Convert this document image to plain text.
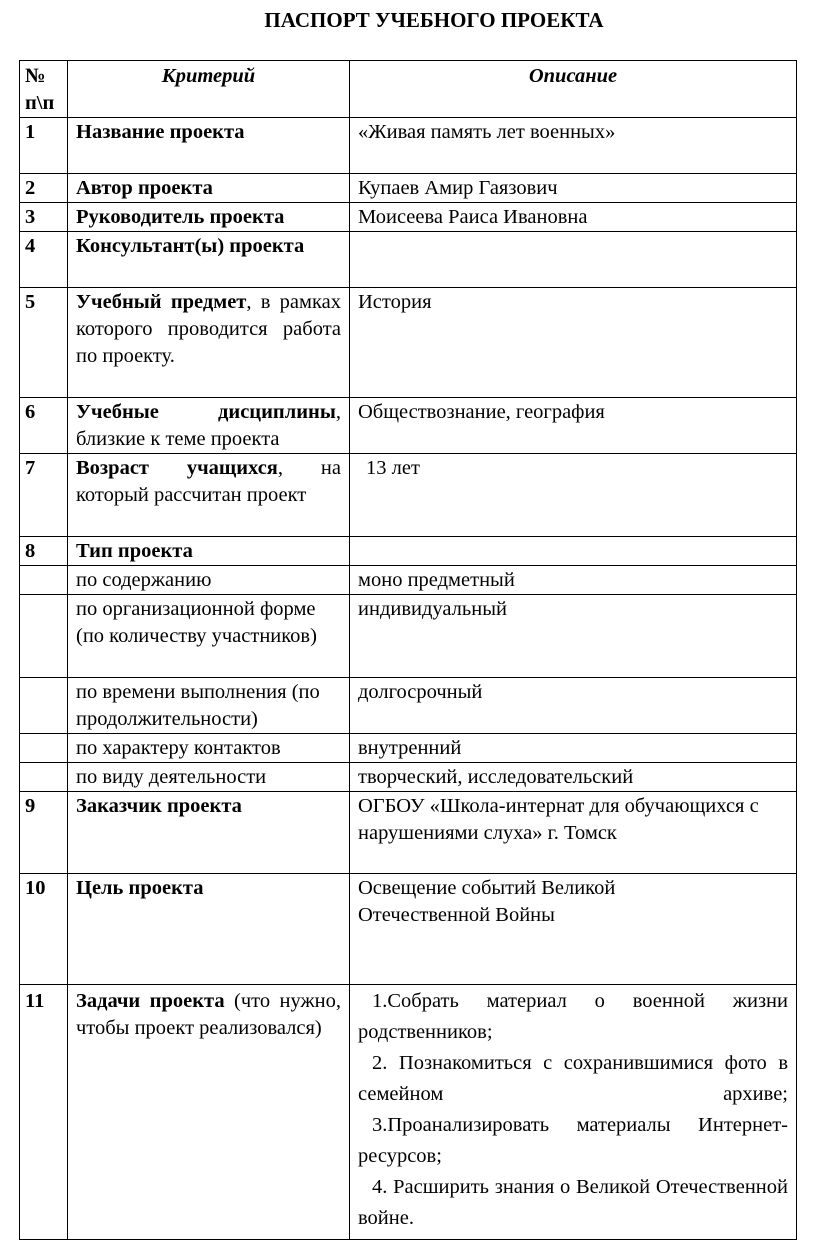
ПАСПОРТ УЧЕБНОГО ПРОЕКТА
№ п\п	Критерий	Описание
1	Название проекта	«Живая память лет военных»
2	Автор проекта	Купаев Амир Гаязович
3	Руководитель проекта	Моисеева Раиса Ивановна
4	Консультант(ы) проекта	
5	Учебный предмет, в рамках которого проводится работа по проекту.	История
6	Учебные дисциплины, близкие к теме проекта	Обществознание, география
7	Возраст учащихся, на который рассчитан проект	13 лет
8	Тип проекта	
	по содержанию	моно предметный
	по организационной форме (по количеству участников)	индивидуальный
	по времени выполнения (по продолжительности)	долгосрочный
	по характеру контактов	внутренний
	по виду деятельности	творческий, исследовательский
9	Заказчик проекта	ОГБОУ «Школа-интернат для обучающихся с нарушениями слуха» г. Томск
10	Цель проекта	Освещение событий Великой Отечественной Войны
11	Задачи проекта (что нужно, чтобы проект реализовался)	1.Собрать материал о военной жизни родственников;
2. Познакомиться с сохранившимися фото в семейном архиве;
3.Проанализировать материалы Интернет-ресурсов;
4. Расширить знания о Великой Отечественной войне.
